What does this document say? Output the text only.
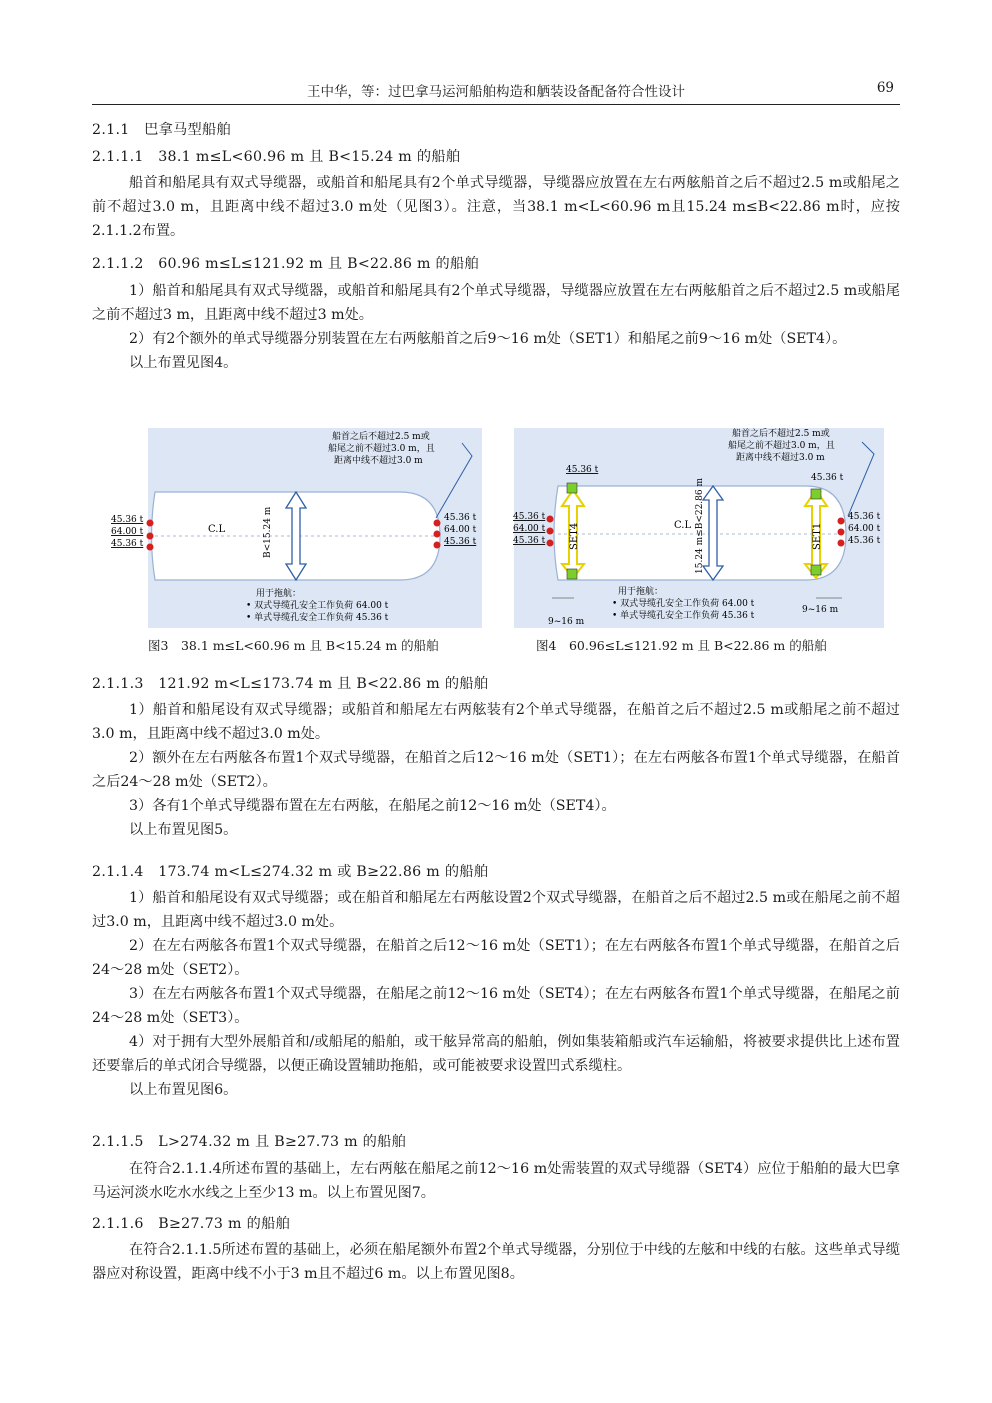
王中华，等：过巴拿马运河船舶构造和舾装设备配备符合性设计	69
2.1.1　巴拿马型船舶
2.1.1.1　38.1 m≤L<60.96 m 且 B<15.24 m 的船舶

船首和船尾具有双式导缆器，或船首和船尾具有2个单式导缆器，导缆器应放置在左右两舷船首之后不超过2.5 m或船尾之前不超过3.0 m，且距离中线不超过3.0 m处（见图3）。注意，当38.1 m<L<60.96 m且15.24 m≤B<22.86 m时，应按2.1.1.2布置。

2.1.1.2　60.96 m≤L≤121.92 m 且 B<22.86 m 的船舶

1）船首和船尾具有双式导缆器，或船首和船尾具有2个单式导缆器，导缆器应放置在左右两舷船首之后不超过2.5 m或船尾之前不超过3 m，且距离中线不超过3 m处。

2）有2个额外的单式导缆器分别装置在左右两舷船首之后9～16 m处（SET1）和船尾之前9～16 m处（SET4）。

以上布置见图4。

C.L	B<15.24 m
45.36 t
64.00 t
45.36 t
45.36 t
64.00 t
45.36 t
船首之后不超过2.5 m或
船尾之前不超过3.0 m，且
距离中线不超过3.0 m
用于拖航：
• 双式导缆孔安全工作负荷 64.00 t
• 单式导缆孔安全工作负荷 45.36 t
图3　38.1 m≤L<60.96 m 且 B<15.24 m 的船舶
C.L 15.24 m≤B<22.86 m
SET4	SET1
45.36 t
64.00 t
45.36 t
45.36 t
64.00 t
45.36 t
45.36 t
45.36 t
船首之后不超过2.5 m或
船尾之前不超过3.0 m，且
距离中线不超过3.0 m
9~16 m
9~16 m
用于拖航：
• 双式导缆孔安全工作负荷 64.00 t
• 单式导缆孔安全工作负荷 45.36 t
图4　60.96≤L≤121.92 m 且 B<22.86 m 的船舶
2.1.1.3　121.92 m<L≤173.74 m 且 B<22.86 m 的船舶

1）船首和船尾设有双式导缆器；或船首和船尾左右两舷装有2个单式导缆器，在船首之后不超过2.5 m或船尾之前不超过3.0 m，且距离中线不超过3.0 m处。

2）额外在左右两舷各布置1个双式导缆器，在船首之后12～16 m处（SET1）；在左右两舷各布置1个单式导缆器，在船首之后24～28 m处（SET2）。

3）各有1个单式导缆器布置在左右两舷，在船尾之前12～16 m处（SET4）。

以上布置见图5。

2.1.1.4　173.74 m<L≤274.32 m 或 B≥22.86 m 的船舶

1）船首和船尾设有双式导缆器；或在船首和船尾左右两舷设置2个双式导缆器，在船首之后不超过2.5 m或在船尾之前不超过3.0 m，且距离中线不超过3.0 m处。

2）在左右两舷各布置1个双式导缆器，在船首之后12～16 m处（SET1）；在左右两舷各布置1个单式导缆器，在船首之后24～28 m处（SET2）。

3）在左右两舷各布置1个双式导缆器，在船尾之前12～16 m处（SET4）；在左右两舷各布置1个单式导缆器，在船尾之前24～28 m处（SET3）。

4）对于拥有大型外展船首和/或船尾的船舶，或干舷异常高的船舶，例如集装箱船或汽车运输船，将被要求提供比上述布置还要靠后的单式闭合导缆器，以便正确设置辅助拖船，或可能被要求设置凹式系缆柱。

以上布置见图6。

2.1.1.5　L>274.32 m 且 B≥27.73 m 的船舶

在符合2.1.1.4所述布置的基础上，左右两舷在船尾之前12～16 m处需装置的双式导缆器（SET4）应位于船舶的最大巴拿马运河淡水吃水水线之上至少13 m。以上布置见图7。

2.1.1.6　B≥27.73 m 的船舶

在符合2.1.1.5所述布置的基础上，必须在船尾额外布置2个单式导缆器，分别位于中线的左舷和中线的右舷。这些单式导缆器应对称设置，距离中线不小于3 m且不超过6 m。以上布置见图8。
